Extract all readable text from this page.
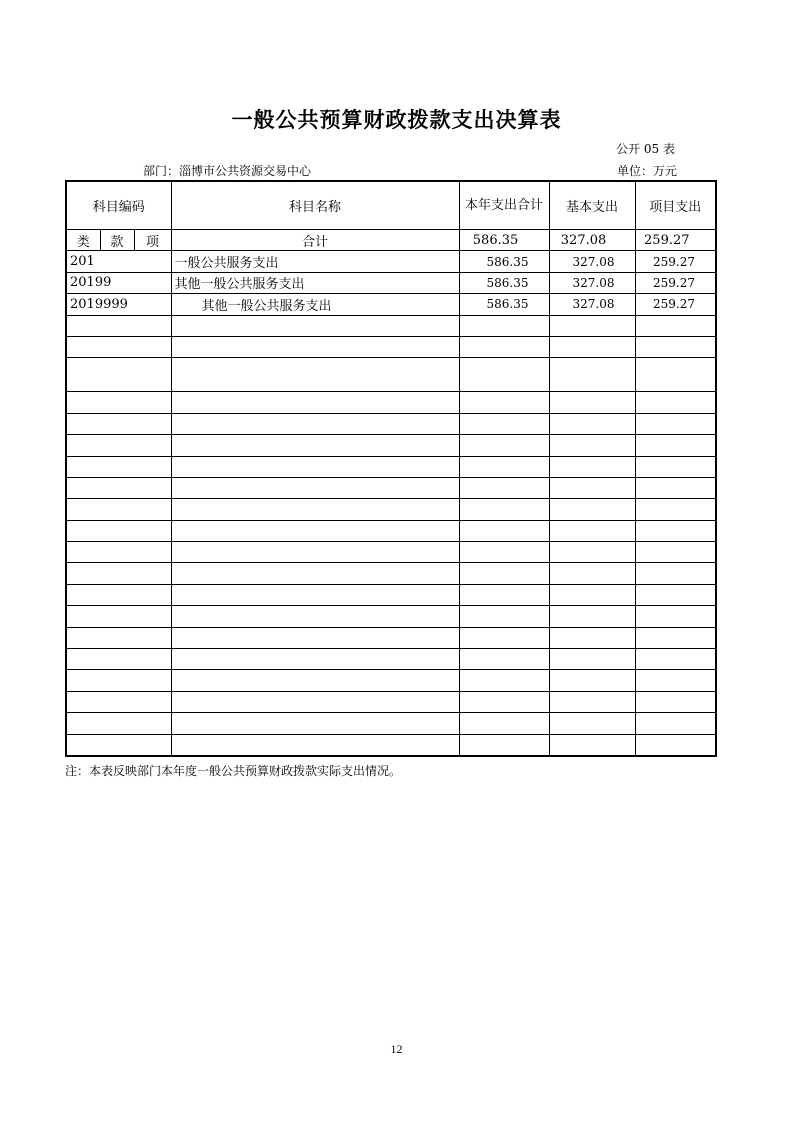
一般公共预算财政拨款支出决算表
公开 05 表
部门：淄博市公共资源交易中心	单位：万元
科目编码			科目名称	本年支出合计	基本支出	项目支出
类	款	项	合计	586.35	327.08	259.27
201			一般公共服务支出	586.35	327.08	259.27
20199			其他一般公共服务支出	586.35	327.08	259.27
2019999			其他一般公共服务支出	586.35	327.08	259.27

注：本表反映部门本年度一般公共预算财政拨款实际支出情况。
12
